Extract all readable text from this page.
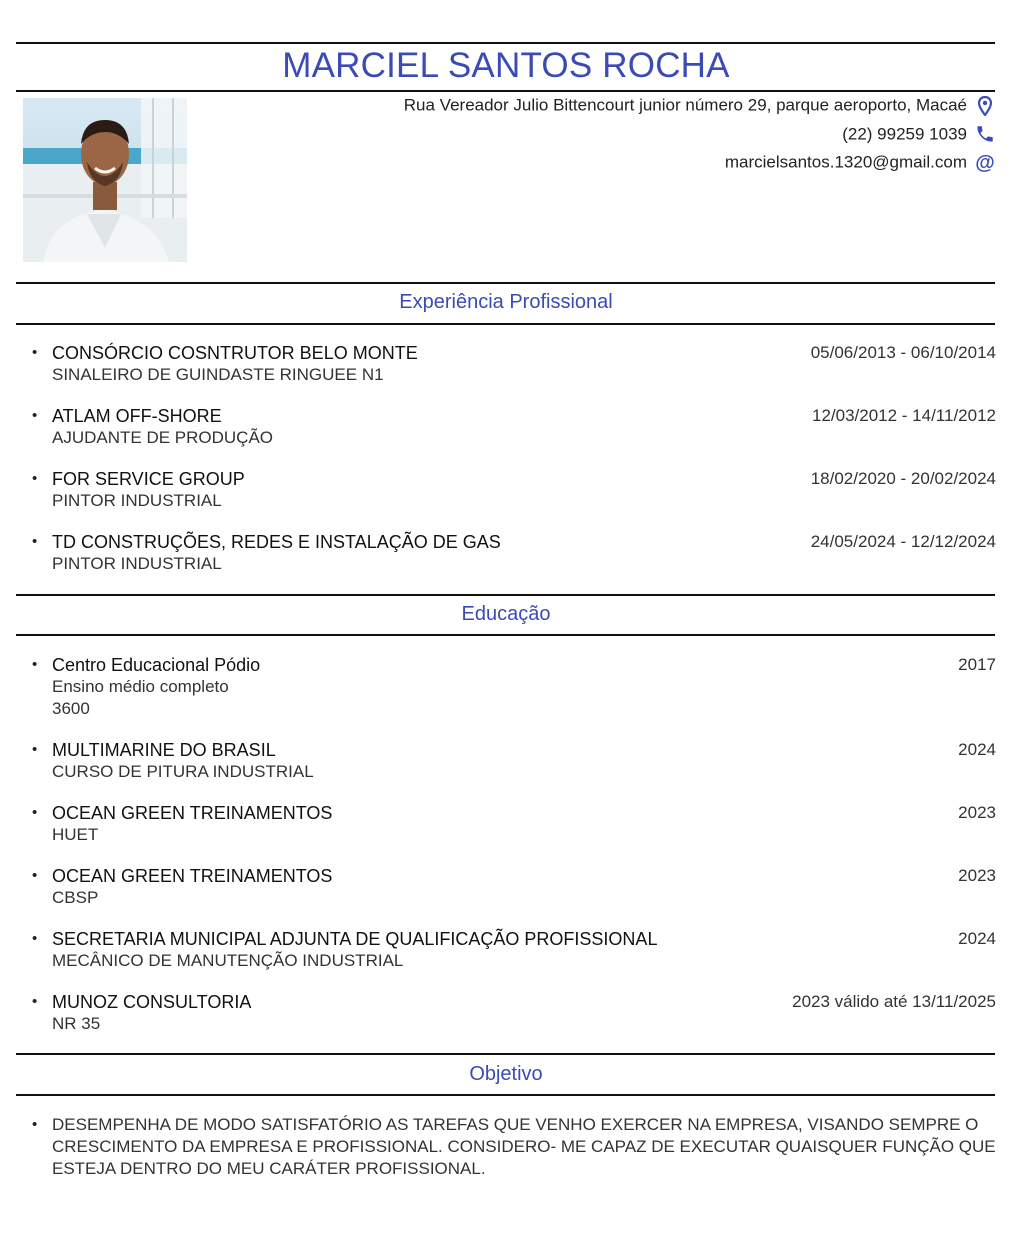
MARCIEL SANTOS ROCHA
Rua Vereador Julio Bittencourt junior número 29, parque aeroporto, Macaé
(22) 99259 1039
marcielsantos.1320@gmail.com @
Experiência Profissional
• CONSÓRCIO COSNTRUTOR BELO MONTE	05/06/2013 - 06/10/2014
SINALEIRO DE GUINDASTE RINGUEE N1
• ATLAM OFF-SHORE	12/03/2012 - 14/11/2012
AJUDANTE DE PRODUÇÃO
• FOR SERVICE GROUP	18/02/2020 - 20/02/2024
PINTOR INDUSTRIAL
• TD CONSTRUÇÕES, REDES E INSTALAÇÃO DE GAS	24/05/2024 - 12/12/2024
PINTOR INDUSTRIAL
Educação
• Centro Educacional Pódio	2017
Ensino médio completo
3600
• MULTIMARINE DO BRASIL	2024
CURSO DE PITURA INDUSTRIAL
• OCEAN GREEN TREINAMENTOS	2023
HUET
• OCEAN GREEN TREINAMENTOS	2023
CBSP
• SECRETARIA MUNICIPAL ADJUNTA DE QUALIFICAÇÃO PROFISSIONAL	2024
MECÂNICO DE MANUTENÇÃO INDUSTRIAL
• MUNOZ CONSULTORIA	2023 válido até 13/11/2025
NR 35
Objetivo
• DESEMPENHA DE MODO SATISFATÓRIO AS TAREFAS QUE VENHO EXERCER NA EMPRESA, VISANDO SEMPRE O CRESCIMENTO DA EMPRESA E PROFISSIONAL. CONSIDERO- ME CAPAZ DE EXECUTAR QUAISQUER FUNÇÃO QUE ESTEJA DENTRO DO MEU CARÁTER PROFISSIONAL.
